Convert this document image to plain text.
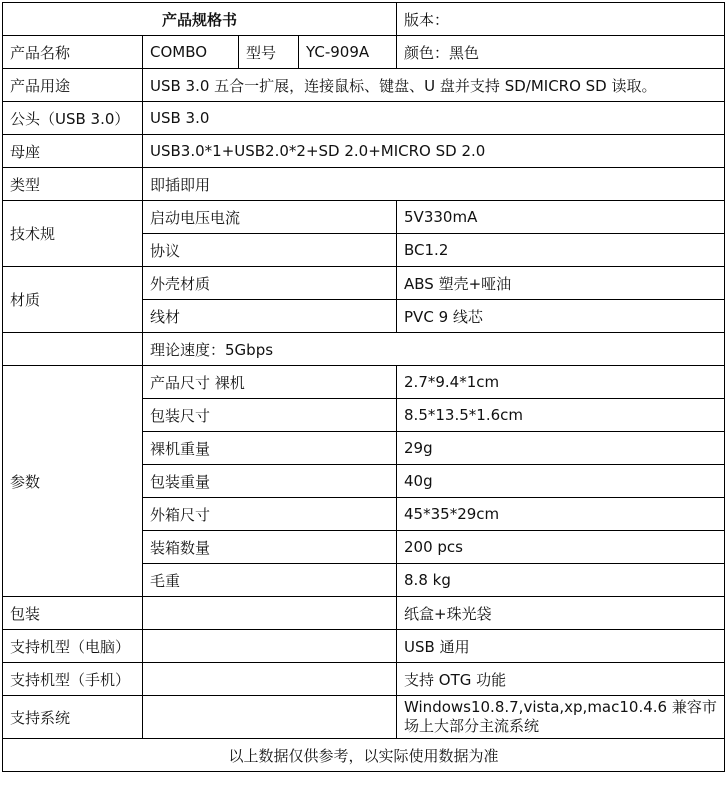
产品规格书				版本：
产品名称	COMBO	型号	YC-909A	颜色：黑色
产品用途	USB 3.0 五合一扩展，连接鼠标、键盘、U 盘并支持 SD/MICRO SD 读取。			
公头（USB 3.0）	USB 3.0			
母座	USB3.0*1+USB2.0*2+SD 2.0+MICRO SD 2.0			
类型	即插即用			
技术规	启动电压电流			5V330mA
	协议			BC1.2
材质	外壳材质			ABS 塑壳+哑油
	线材			PVC 9 线芯
	理论速度：5Gbps			
参数	产品尺寸 裸机			2.7*9.4*1cm
	包装尺寸			8.5*13.5*1.6cm
	裸机重量			29g
	包装重量			40g
	外箱尺寸			45*35*29cm
	装箱数量			200 pcs
	毛重			8.8 kg
包装				纸盒+珠光袋
支持机型（电脑）				USB 通用
支持机型（手机）				支持 OTG 功能
支持系统				Windows10.8.7,vista,xp,mac10.4.6 兼容市场上大部分主流系统
以上数据仅供参考，以实际使用数据为准				
